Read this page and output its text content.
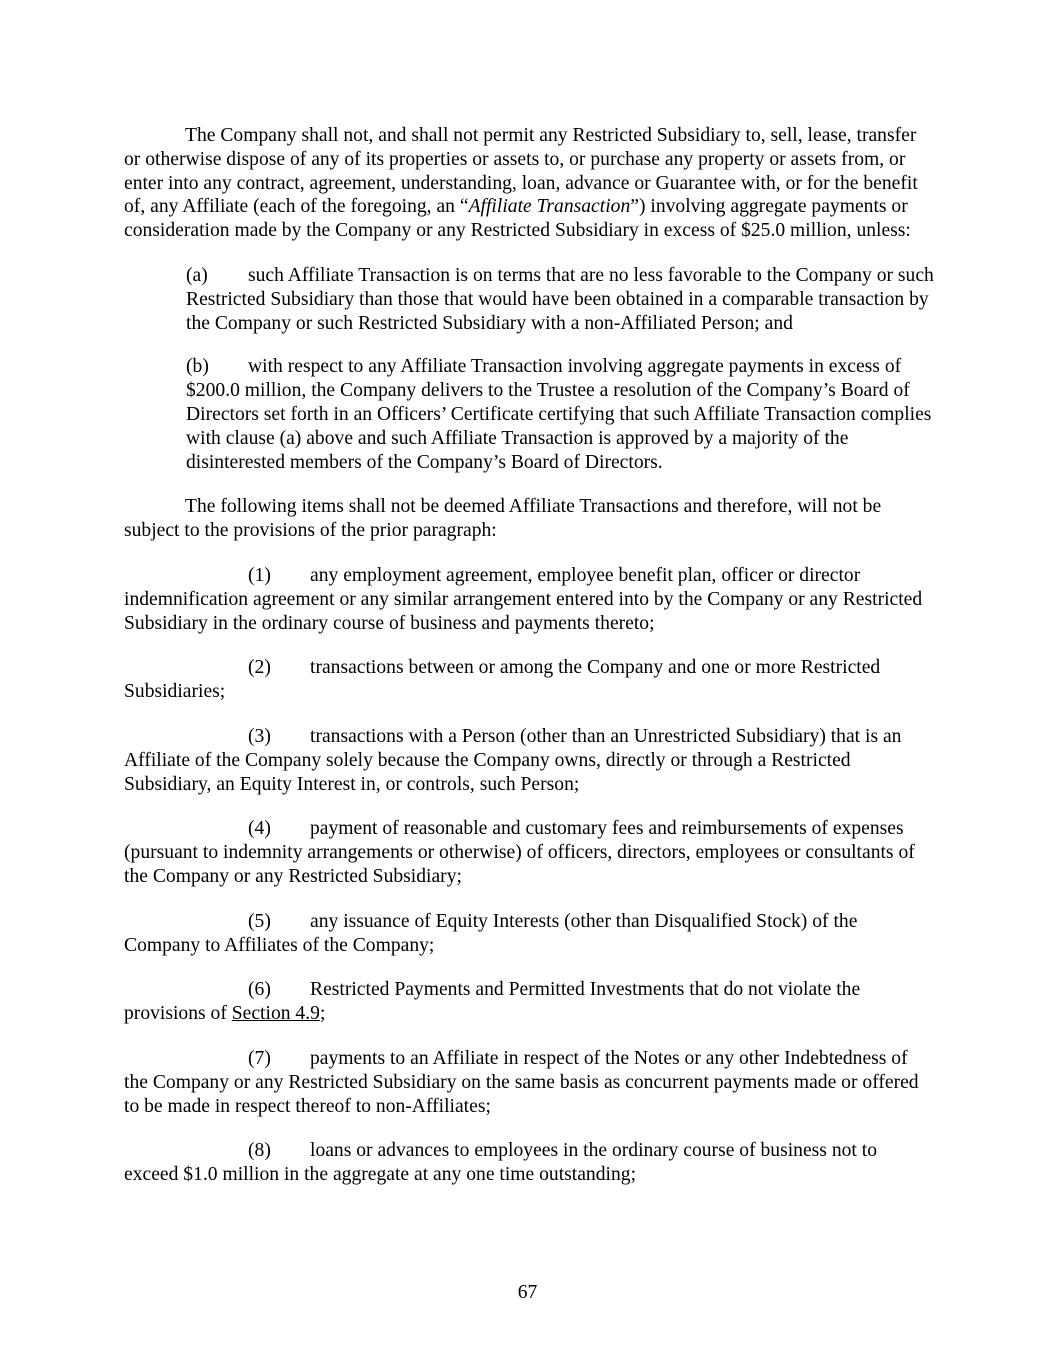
The Company shall not, and shall not permit any Restricted Subsidiary to, sell, lease, transfer or otherwise dispose of any of its properties or assets to, or purchase any property or assets from, or enter into any contract, agreement, understanding, loan, advance or Guarantee with, or for the benefit of, any Affiliate (each of the foregoing, an “Affiliate Transaction”) involving aggregate payments or consideration made by the Company or any Restricted Subsidiary in excess of $25.0 million, unless:

(a) such Affiliate Transaction is on terms that are no less favorable to the Company or such Restricted Subsidiary than those that would have been obtained in a comparable transaction by the Company or such Restricted Subsidiary with a non-Affiliated Person; and

(b) with respect to any Affiliate Transaction involving aggregate payments in excess of $200.0 million, the Company delivers to the Trustee a resolution of the Company’s Board of Directors set forth in an Officers’ Certificate certifying that such Affiliate Transaction complies with clause (a) above and such Affiliate Transaction is approved by a majority of the disinterested members of the Company’s Board of Directors.

The following items shall not be deemed Affiliate Transactions and therefore, will not be subject to the provisions of the prior paragraph:

(1) any employment agreement, employee benefit plan, officer or director indemnification agreement or any similar arrangement entered into by the Company or any Restricted Subsidiary in the ordinary course of business and payments thereto;

(2) transactions between or among the Company and one or more Restricted Subsidiaries;

(3) transactions with a Person (other than an Unrestricted Subsidiary) that is an Affiliate of the Company solely because the Company owns, directly or through a Restricted Subsidiary, an Equity Interest in, or controls, such Person;

(4) payment of reasonable and customary fees and reimbursements of expenses (pursuant to indemnity arrangements or otherwise) of officers, directors, employees or consultants of the Company or any Restricted Subsidiary;

(5) any issuance of Equity Interests (other than Disqualified Stock) of the Company to Affiliates of the Company;

(6) Restricted Payments and Permitted Investments that do not violate the provisions of Section 4.9;

(7) payments to an Affiliate in respect of the Notes or any other Indebtedness of the Company or any Restricted Subsidiary on the same basis as concurrent payments made or offered to be made in respect thereof to non-Affiliates;

(8) loans or advances to employees in the ordinary course of business not to exceed $1.0 million in the aggregate at any one time outstanding;

67
